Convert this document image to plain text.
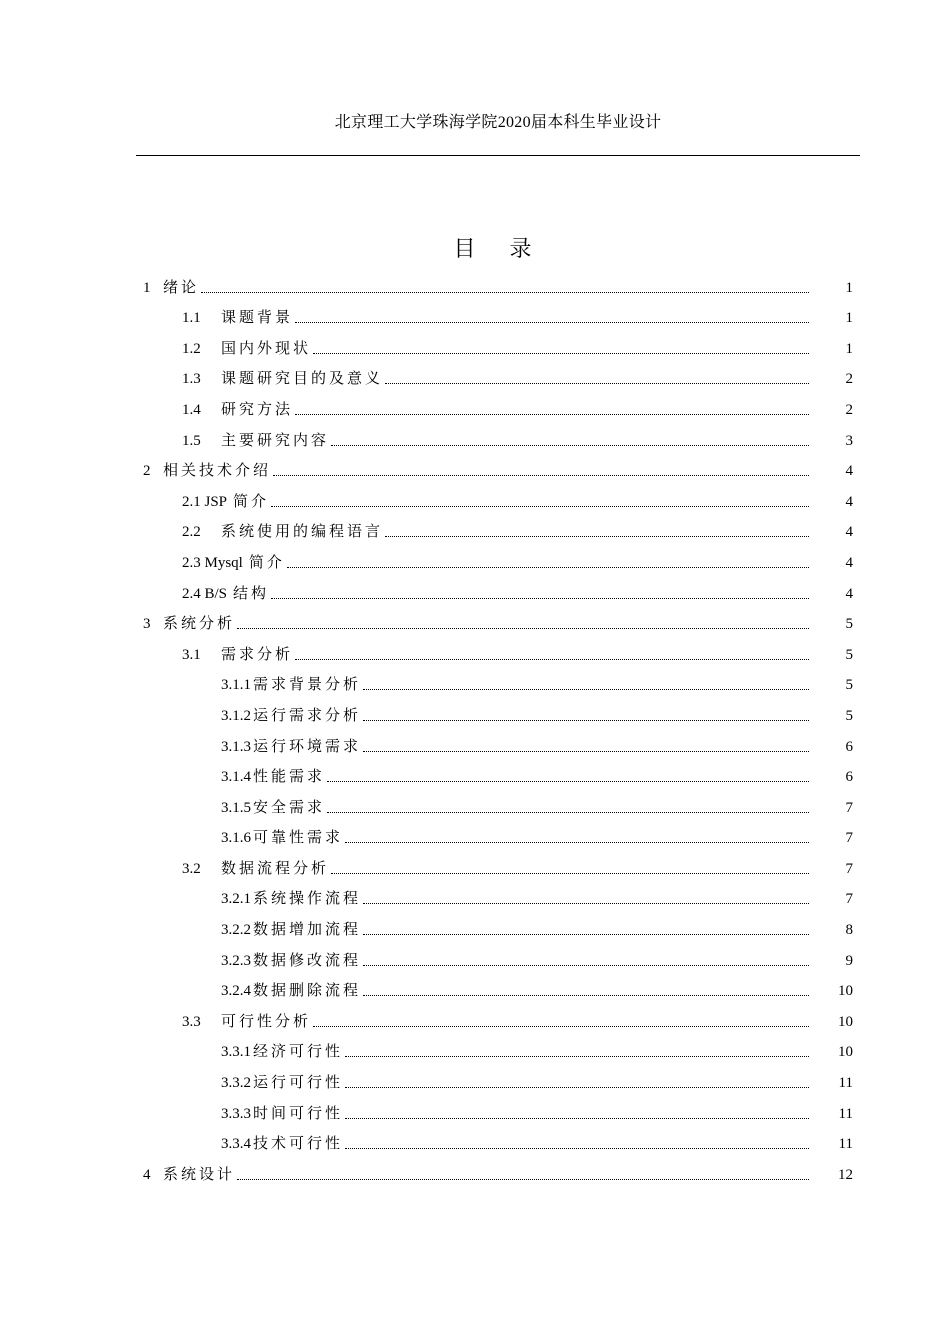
北京理工大学珠海学院2020届本科生毕业设计
目录
1 绪论	1
1.1 课题背景	1
1.2 国内外现状	1
1.3 课题研究目的及意义	2
1.4 研究方法	2
1.5 主要研究内容	3
2 相关技术介绍	4
2.1 JSP 简介	4
2.2 系统使用的编程语言	4
2.3 Mysql 简介	4
2.4 B/S 结构	4
3 系统分析	5
3.1 需求分析	5
3.1.1 需求背景分析	5
3.1.2 运行需求分析	5
3.1.3 运行环境需求	6
3.1.4 性能需求	6
3.1.5 安全需求	7
3.1.6 可靠性需求	7
3.2 数据流程分析	7
3.2.1 系统操作流程	7
3.2.2 数据增加流程	8
3.2.3 数据修改流程	9
3.2.4 数据删除流程	10
3.3 可行性分析	10
3.3.1 经济可行性	10
3.3.2 运行可行性	11
3.3.3 时间可行性	11
3.3.4 技术可行性	11
4 系统设计	12
